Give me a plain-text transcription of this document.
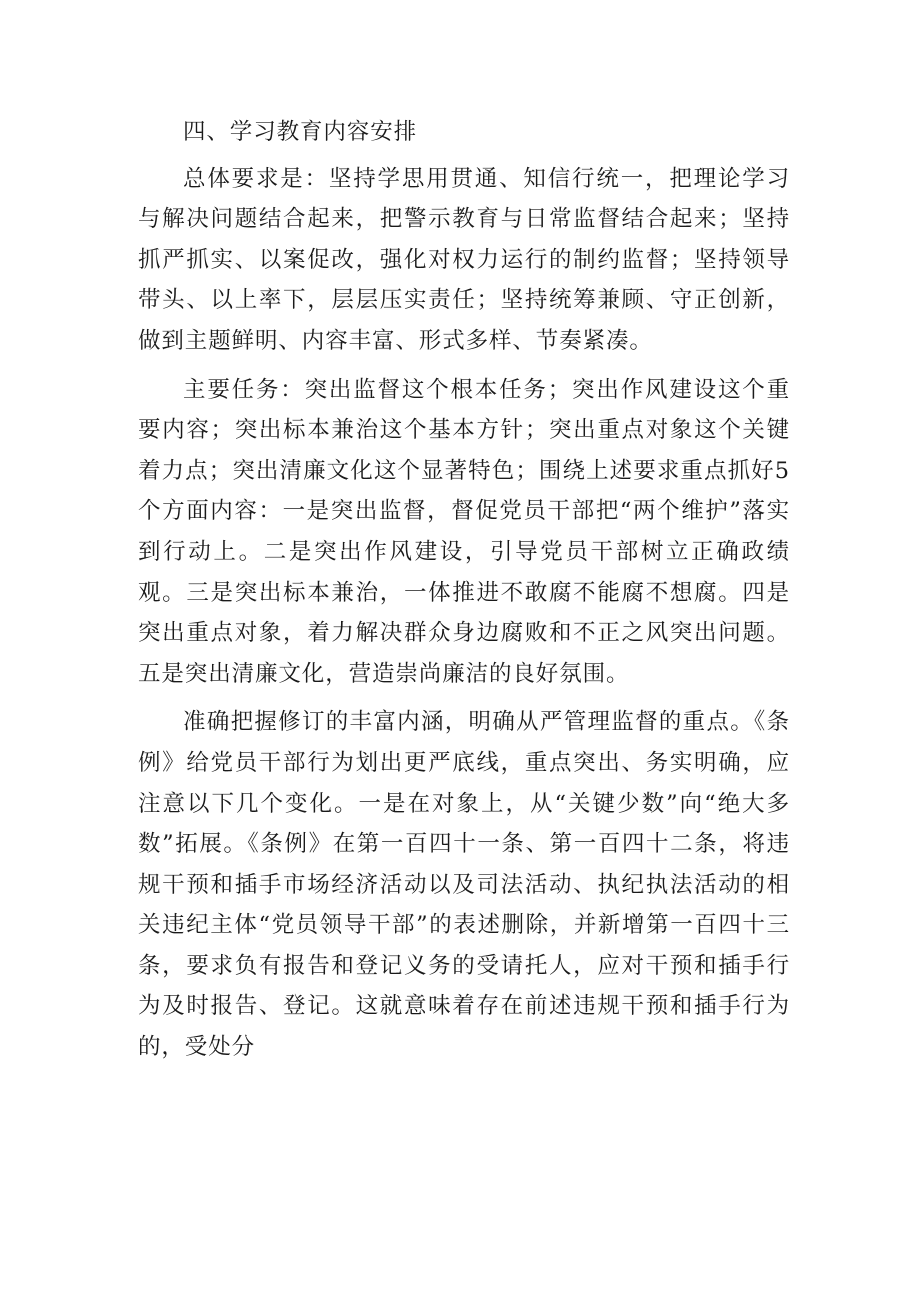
四、学习教育内容安排

总体要求是：坚持学思用贯通、知信行统一，把理论学习与解决问题结合起来，把警示教育与日常监督结合起来；坚持抓严抓实、以案促改，强化对权力运行的制约监督；坚持领导带头、以上率下，层层压实责任；坚持统筹兼顾、守正创新，做到主题鲜明、内容丰富、形式多样、节奏紧凑。

主要任务：突出监督这个根本任务；突出作风建设这个重要内容；突出标本兼治这个基本方针；突出重点对象这个关键着力点；突出清廉文化这个显著特色；围绕上述要求重点抓好5个方面内容：一是突出监督，督促党员干部把“两个维护”落实到行动上。二是突出作风建设，引导党员干部树立正确政绩观。三是突出标本兼治，一体推进不敢腐不能腐不想腐。四是突出重点对象，着力解决群众身边腐败和不正之风突出问题。五是突出清廉文化，营造崇尚廉洁的良好氛围。

准确把握修订的丰富内涵，明确从严管理监督的重点。《条例》给党员干部行为划出更严底线，重点突出、务实明确，应注意以下几个变化。一是在对象上，从“关键少数”向“绝大多数”拓展。《条例》在第一百四十一条、第一百四十二条，将违规干预和插手市场经济活动以及司法活动、执纪执法活动的相关违纪主体“党员领导干部”的表述删除，并新增第一百四十三条，要求负有报告和登记义务的受请托人，应对干预和插手行为及时报告、登记。这就意味着存在前述违规干预和插手行为的，受处分
